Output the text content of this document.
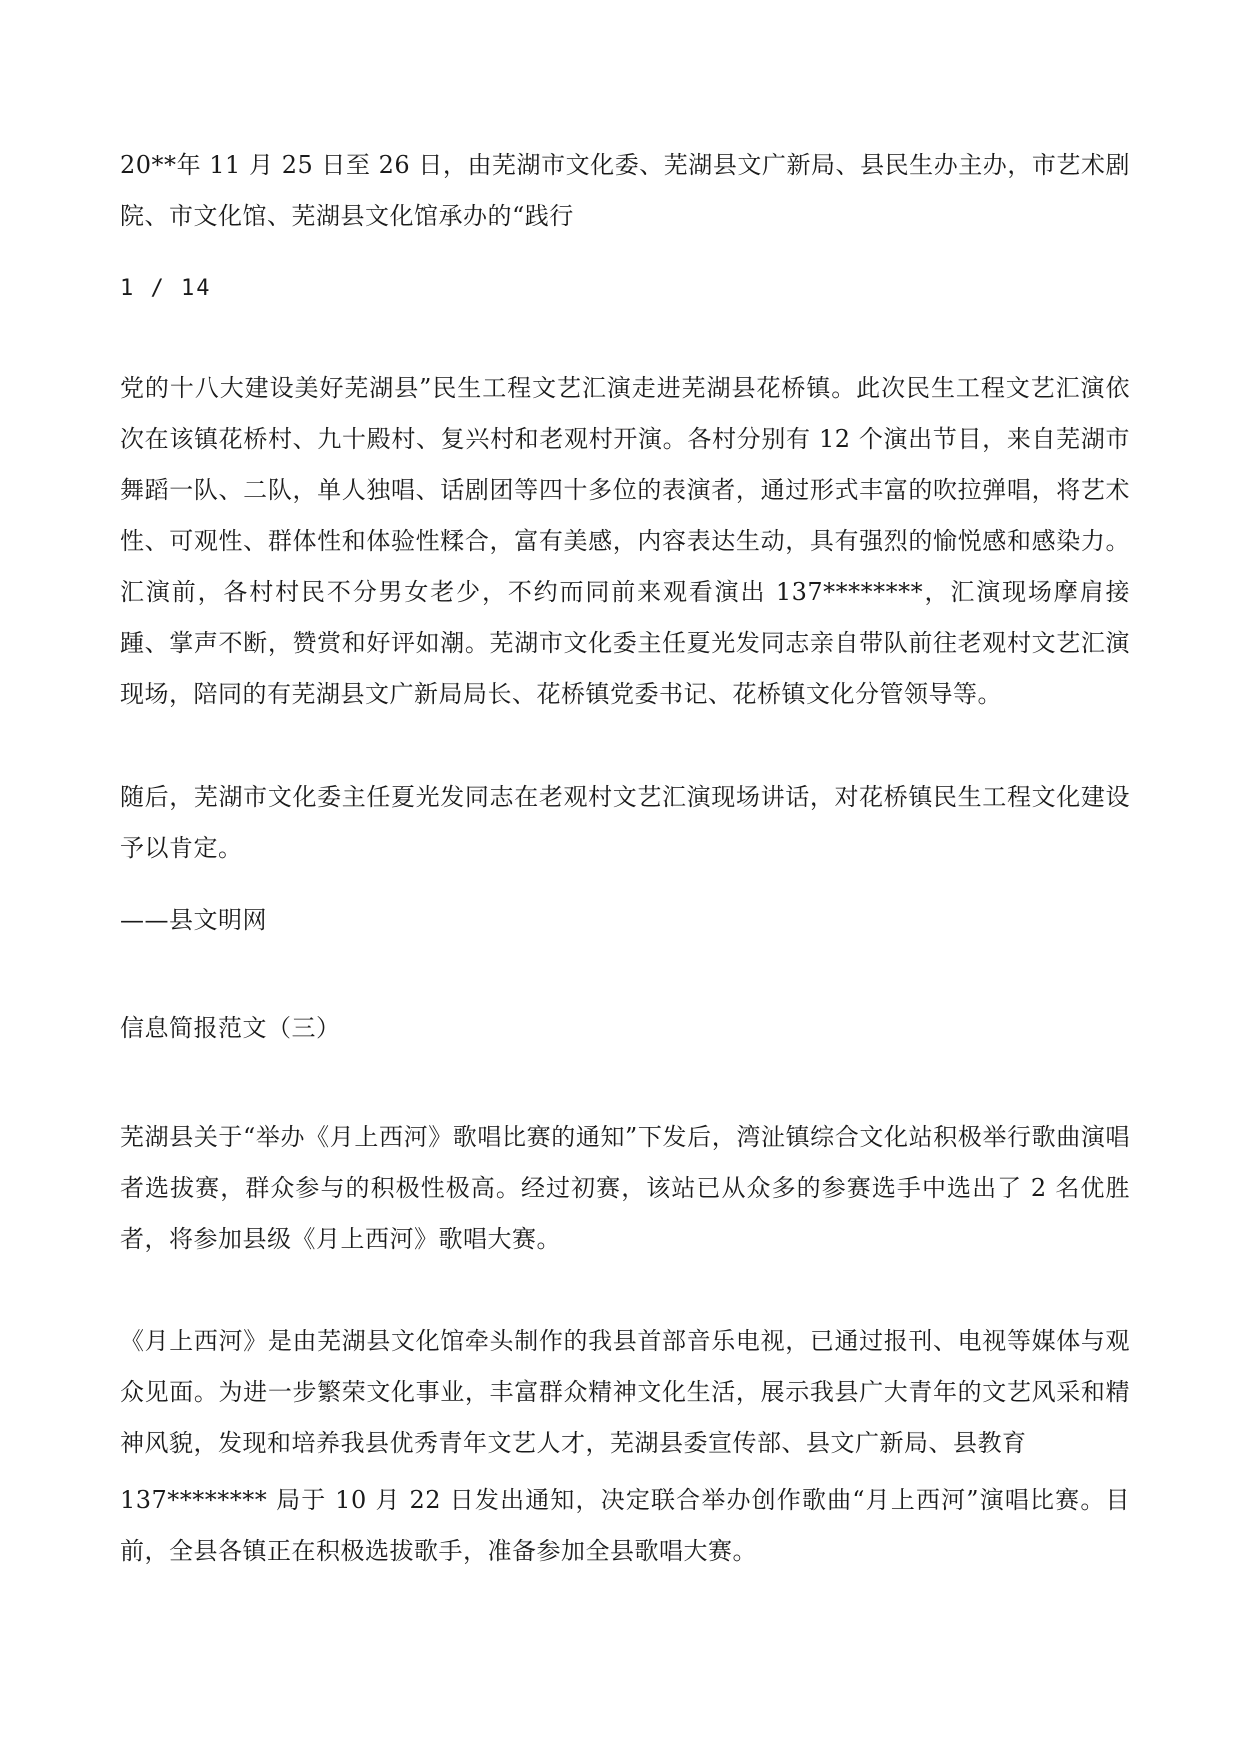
20**年 11 月 25 日至 26 日，由芜湖市文化委、芜湖县文广新局、县民生办主办，市艺术剧院、市文化馆、芜湖县文化馆承办的“践行

1 / 14

党的十八大建设美好芜湖县”民生工程文艺汇演走进芜湖县花桥镇。此次民生工程文艺汇演依次在该镇花桥村、九十殿村、复兴村和老观村开演。各村分别有 12 个演出节目，来自芜湖市舞蹈一队、二队，单人独唱、话剧团等四十多位的表演者，通过形式丰富的吹拉弹唱，将艺术性、可观性、群体性和体验性糅合，富有美感，内容表达生动，具有强烈的愉悦感和感染力。汇演前，各村村民不分男女老少，不约而同前来观看演出 137********，汇演现场摩肩接踵、掌声不断，赞赏和好评如潮。芜湖市文化委主任夏光发同志亲自带队前往老观村文艺汇演现场，陪同的有芜湖县文广新局局长、花桥镇党委书记、花桥镇文化分管领导等。

随后，芜湖市文化委主任夏光发同志在老观村文艺汇演现场讲话，对花桥镇民生工程文化建设予以肯定。

——县文明网

信息简报范文（三）

芜湖县关于“举办《月上西河》歌唱比赛的通知”下发后，湾沚镇综合文化站积极举行歌曲演唱者选拔赛，群众参与的积极性极高。经过初赛，该站已从众多的参赛选手中选出了 2 名优胜者，将参加县级《月上西河》歌唱大赛。

《月上西河》是由芜湖县文化馆牵头制作的我县首部音乐电视，已通过报刊、电视等媒体与观众见面。为进一步繁荣文化事业，丰富群众精神文化生活，展示我县广大青年的文艺风采和精神风貌，发现和培养我县优秀青年文艺人才，芜湖县委宣传部、县文广新局、县教育

137******** 局于 10 月 22 日发出通知，决定联合举办创作歌曲“月上西河”演唱比赛。目前，全县各镇正在积极选拔歌手，准备参加全县歌唱大赛。
